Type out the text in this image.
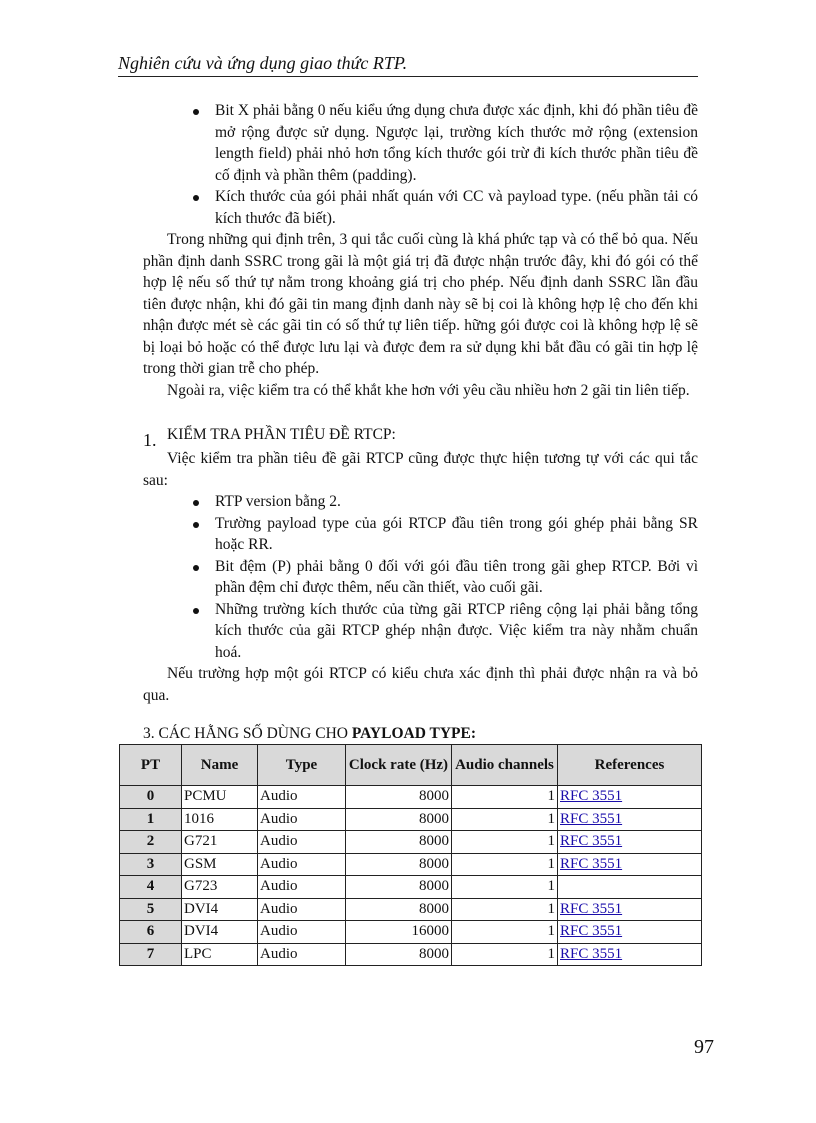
Nghiên cứu và ứng dụng giao thức RTP.
Bit X phải bằng 0 nếu kiểu ứng dụng chưa được xác định, khi đó phần tiêu đề mở rộng được sử dụng. Ngược lại, trường kích thước mở rộng (extension length field) phải nhỏ hơn tổng kích thước gói trừ đi kích thước phần tiêu đề cố định và phần thêm (padding).
Kích thước của gói phải nhất quán với CC và payload type. (nếu phần tải có kích thước đã biết).

Trong những qui định trên, 3 qui tắc cuối cùng là khá phức tạp và có thể bỏ qua. Nếu phần định danh SSRC trong gãi là một giá trị đã được nhận trước đây, khi đó gói có thể hợp lệ nếu số thứ tự nằm trong khoảng giá trị cho phép. Nếu định danh SSRC lần đầu tiên được nhận, khi đó gãi tin mang định danh này sẽ bị coi là không hợp lệ cho đến khi nhận được mét sè các gãi tin có số thứ tự liên tiếp. hững gói được coi là không hợp lệ sẽ bị loại bỏ hoặc có thể được lưu lại và được đem ra sử dụng khi bắt đầu có gãi tin hợp lệ trong thời gian trễ cho phép.

Ngoài ra, việc kiểm tra có thể khắt khe hơn với yêu cầu nhiều hơn 2 gãi tin liên tiếp.

1. KIỂM TRA PHẦN TIÊU ĐỀ RTCP:

Việc kiểm tra phần tiêu đề gãi RTCP cũng được thực hiện tương tự với các qui tắc sau:

RTP version bằng 2.
Trường payload type của gói RTCP đầu tiên trong gói ghép phải bằng SR hoặc RR.
Bit đệm (P) phải bằng 0 đối với gói đầu tiên trong gãi ghep RTCP. Bởi vì phần đệm chỉ được thêm, nếu cần thiết, vào cuối gãi.
Những trường kích thước của từng gãi RTCP riêng cộng lại phải bằng tổng kích thước của gãi RTCP ghép nhận được. Việc kiểm tra này nhằm chuẩn hoá.

Nếu trường hợp một gói RTCP có kiểu chưa xác định thì phải được nhận ra và bỏ qua.

3. CÁC HẰNG SỐ DÙNG CHO PAYLOAD TYPE:
PT	Name	Type	Clock rate (Hz)	Audio channels	References
0	PCMU	Audio	8000	1	RFC 3551
1	1016	Audio	8000	1	RFC 3551
2	G721	Audio	8000	1	RFC 3551
3	GSM	Audio	8000	1	RFC 3551
4	G723	Audio	8000	1	
5	DVI4	Audio	8000	1	RFC 3551
6	DVI4	Audio	16000	1	RFC 3551
7	LPC	Audio	8000	1	RFC 3551
97
